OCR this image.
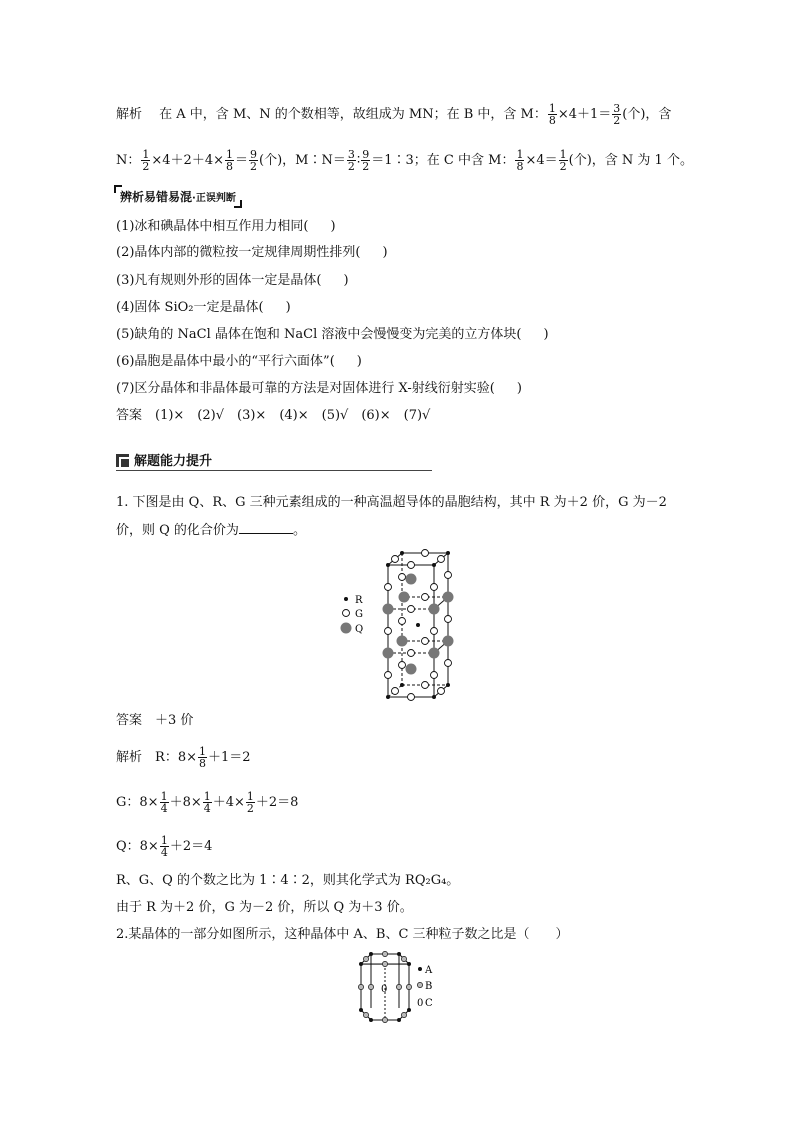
解析　 在 A 中，含 M、N 的个数相等，故组成为 MN；在 B 中，含 M： $\frac{1}{8} \times 4+1= \frac{3}{2}$ (个)，含
N： $\frac{1}{2} \times 4+2+4\times \frac{1}{8} = \frac{9}{2}$ (个)，M∶N＝ $\frac{3}{2}$ ∶ $\frac{9}{2}$ ＝1∶3；在 C 中含 M： $\frac{1}{8} \times 4= \frac{1}{2}$ (个)，含 N 为 1 个。
辨析易错易混·正误判断
(1)冰和碘晶体中相互作用力相同( )
(2)晶体内部的微粒按一定规律周期性排列( )
(3)凡有规则外形的固体一定是晶体( )
(4)固体 SiO₂一定是晶体( )
(5)缺角的 NaCl 晶体在饱和 NaCl 溶液中会慢慢变为完美的立方体块( )
(6)晶胞是晶体中最小的“平行六面体”( )
(7)区分晶体和非晶体最可靠的方法是对固体进行 X-射线衍射实验( )
答案　(1)×　(2)√　(3)×　(4)×　(5)√　(6)×　(7)√
解题能力提升
1. 下图是由 Q、R、G 三种元素组成的一种高温超导体的晶胞结构，其中 R 为＋2 价，G 为－2
价，则 Q 的化合价为	。
R
G
Q
答案　＋3 价
解析　 R：$8\times \frac{1}{8} +1=2$
G：$8\times \frac{1}{4} +8\times \frac{1}{4} +4\times \frac{1}{2} +2=8$
Q：$8\times \frac{1}{4} +2=4$
R、G、Q 的个数之比为 1∶4∶2，则其化学式为 RQ₂G₄。
由于 R 为＋2 价，G 为－2 价，所以 Q 为＋3 价。
2.某晶体的一部分如图所示，这种晶体中 A、B、C 三种粒子数之比是（　　）
0
A
B
0 C
